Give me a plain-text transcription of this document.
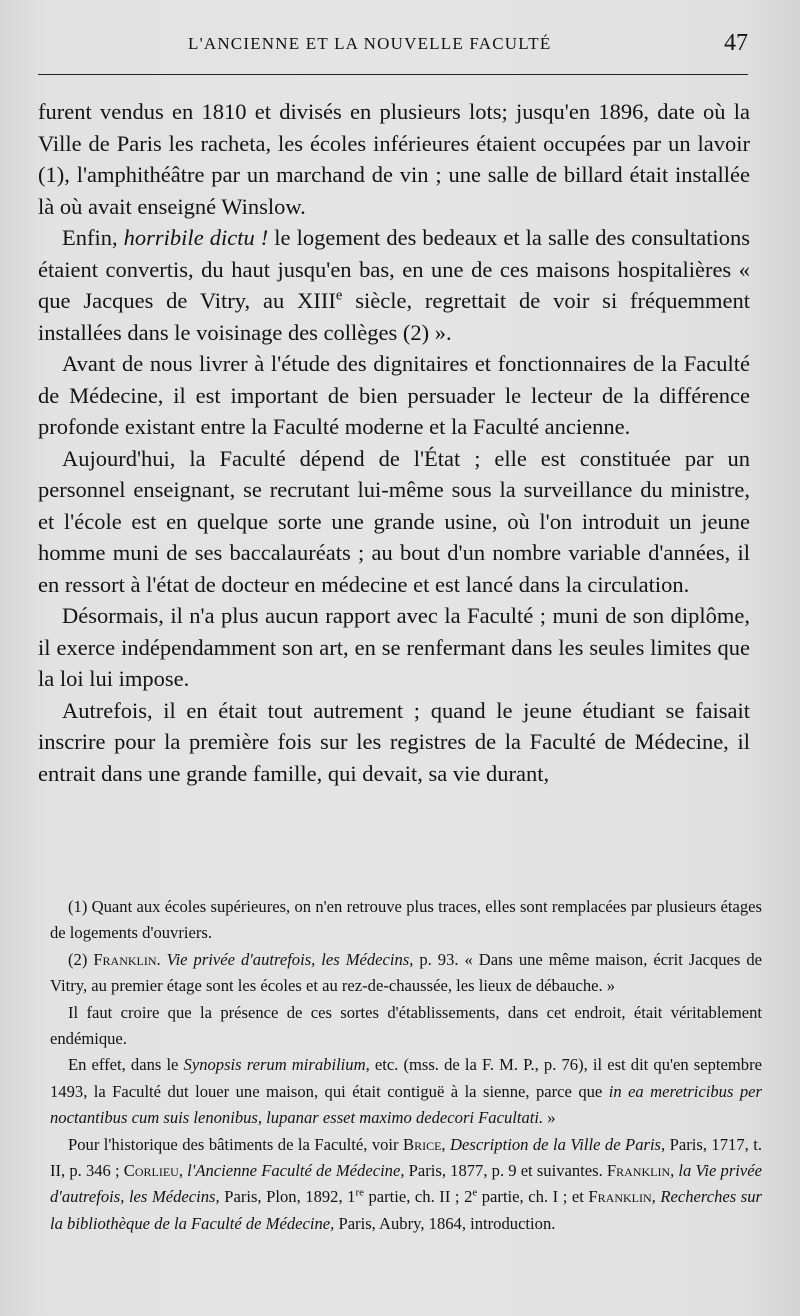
L'ANCIENNE ET LA NOUVELLE FACULTÉ	47

furent vendus en 1810 et divisés en plusieurs lots; jusqu'en 1896, date où la Ville de Paris les racheta, les écoles inférieures étaient occupées par un lavoir (1), l'amphithéâtre par un marchand de vin ; une salle de billard était installée là où avait enseigné Winslow.

Enfin, horribile dictu ! le logement des bedeaux et la salle des consultations étaient convertis, du haut jusqu'en bas, en une de ces maisons hospitalières « que Jacques de Vitry, au XIIIe siècle, regrettait de voir si fréquemment installées dans le voisinage des collèges (2) ».

Avant de nous livrer à l'étude des dignitaires et fonctionnaires de la Faculté de Médecine, il est important de bien persuader le lecteur de la différence profonde existant entre la Faculté moderne et la Faculté ancienne.

Aujourd'hui, la Faculté dépend de l'État ; elle est constituée par un personnel enseignant, se recrutant lui-même sous la surveillance du ministre, et l'école est en quelque sorte une grande usine, où l'on introduit un jeune homme muni de ses baccalauréats ; au bout d'un nombre variable d'années, il en ressort à l'état de docteur en médecine et est lancé dans la circulation.

Désormais, il n'a plus aucun rapport avec la Faculté ; muni de son diplôme, il exerce indépendamment son art, en se renfermant dans les seules limites que la loi lui impose.

Autrefois, il en était tout autrement ; quand le jeune étudiant se faisait inscrire pour la première fois sur les registres de la Faculté de Médecine, il entrait dans une grande famille, qui devait, sa vie durant,

(1) Quant aux écoles supérieures, on n'en retrouve plus traces, elles sont remplacées par plusieurs étages de logements d'ouvriers.

(2) Franklin. Vie privée d'autrefois, les Médecins, p. 93. « Dans une même maison, écrit Jacques de Vitry, au premier étage sont les écoles et au rez-de-chaussée, les lieux de débauche. »

Il faut croire que la présence de ces sortes d'établissements, dans cet endroit, était véritablement endémique.

En effet, dans le Synopsis rerum mirabilium, etc. (mss. de la F. M. P., p. 76), il est dit qu'en septembre 1493, la Faculté dut louer une maison, qui était contiguë à la sienne, parce que in ea meretricibus per noctantibus cum suis lenonibus, lupanar esset maximo dedecori Facultati. »

Pour l'historique des bâtiments de la Faculté, voir Brice, Description de la Ville de Paris, Paris, 1717, t. II, p. 346 ; Corlieu, l'Ancienne Faculté de Médecine, Paris, 1877, p. 9 et suivantes. Franklin, la Vie privée d'autrefois, les Médecins, Paris, Plon, 1892, 1re partie, ch. II ; 2e partie, ch. I ; et Franklin, Recherches sur la bibliothèque de la Faculté de Médecine, Paris, Aubry, 1864, introduction.
